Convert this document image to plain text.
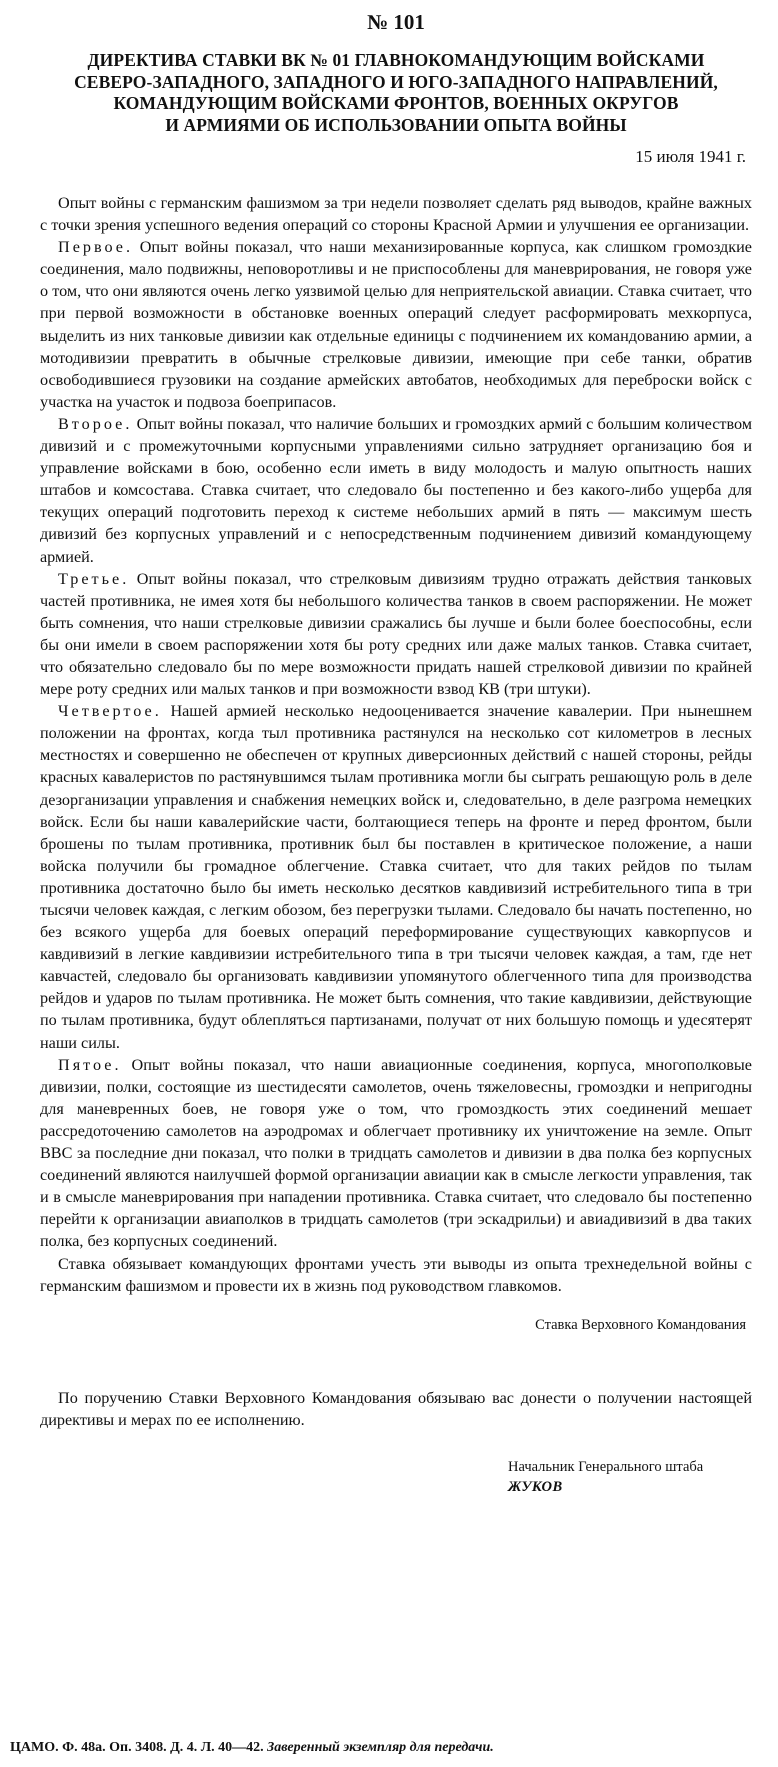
№ 101
ДИРЕКТИВА СТАВКИ ВК № 01 ГЛАВНОКОМАНДУЮЩИМ ВОЙСКАМИ
СЕВЕРО-ЗАПАДНОГО, ЗАПАДНОГО И ЮГО-ЗАПАДНОГО НАПРАВЛЕНИЙ,
КОМАНДУЮЩИМ ВОЙСКАМИ ФРОНТОВ, ВОЕННЫХ ОКРУГОВ
И АРМИЯМИ ОБ ИСПОЛЬЗОВАНИИ ОПЫТА ВОЙНЫ
15 июля 1941 г.

Опыт войны с германским фашизмом за три недели позволяет сделать ряд выводов, крайне важных с точки зрения успешного ведения операций со стороны Красной Армии и улучшения ее организации.

Первое. Опыт войны показал, что наши механизированные корпуса, как слишком громоздкие соединения, мало подвижны, неповоротливы и не приспособлены для маневрирования, не говоря уже о том, что они являются очень легко уязвимой целью для неприятельской авиации. Ставка считает, что при первой возможности в обстановке военных операций следует расформировать мехкорпуса, выделить из них танковые дивизии как отдельные единицы с подчинением их командованию армии, а мотодивизии превратить в обычные стрелковые дивизии, имеющие при себе танки, обратив освободившиеся грузовики на создание армейских автобатов, необходимых для переброски войск с участка на участок и подвоза боеприпасов.

Второе. Опыт войны показал, что наличие больших и громоздких армий с большим количеством дивизий и с промежуточными корпусными управлениями сильно затрудняет организацию боя и управление войсками в бою, особенно если иметь в виду молодость и малую опытность наших штабов и комсостава. Ставка считает, что следовало бы постепенно и без какого-либо ущерба для текущих операций подготовить переход к системе небольших армий в пять — максимум шесть дивизий без корпусных управлений и с непосредственным подчинением дивизий командующему армией.

Третье. Опыт войны показал, что стрелковым дивизиям трудно отражать действия танковых частей противника, не имея хотя бы небольшого количества танков в своем распоряжении. Не может быть сомнения, что наши стрелковые дивизии сражались бы лучше и были более боеспособны, если бы они имели в своем распоряжении хотя бы роту средних или даже малых танков. Ставка считает, что обязательно следовало бы по мере возможности придать нашей стрелковой дивизии по крайней мере роту средних или малых танков и при возможности взвод КВ (три штуки).

Четвертое. Нашей армией несколько недооценивается значение кавалерии. При нынешнем положении на фронтах, когда тыл противника растянулся на несколько сот километров в лесных местностях и совершенно не обеспечен от крупных диверсионных действий с нашей стороны, рейды красных кавалеристов по растянувшимся тылам противника могли бы сыграть решающую роль в деле дезорганизации управления и снабжения немецких войск и, следовательно, в деле разгрома немецких войск. Если бы наши кавалерийские части, болтающиеся теперь на фронте и перед фронтом, были брошены по тылам противника, противник был бы поставлен в критическое положение, а наши войска получили бы громадное облегчение. Ставка считает, что для таких рейдов по тылам противника достаточно было бы иметь несколько десятков кавдивизий истребительного типа в три тысячи человек каждая, с легким обозом, без перегрузки тылами. Следовало бы начать постепенно, но без всякого ущерба для боевых операций переформирование существующих кавкорпусов и кавдивизий в легкие кавдивизии истребительного типа в три тысячи человек каждая, а там, где нет кавчастей, следовало бы организовать кавдивизии упомянутого облегченного типа для производства рейдов и ударов по тылам противника. Не может быть сомнения, что такие кавдивизии, действующие по тылам противника, будут облепляться партизанами, получат от них большую помощь и удесятерят наши силы.

Пятое. Опыт войны показал, что наши авиационные соединения, корпуса, многополковые дивизии, полки, состоящие из шестидесяти самолетов, очень тяжеловесны, громоздки и непригодны для маневренных боев, не говоря уже о том, что громоздкость этих соединений мешает рассредоточению самолетов на аэродромах и облегчает противнику их уничтожение на земле. Опыт ВВС за последние дни показал, что полки в тридцать самолетов и дивизии в два полка без корпусных соединений являются наилучшей формой организации авиации как в смысле легкости управления, так и в смысле маневрирования при нападении противника. Ставка считает, что следовало бы постепенно перейти к организации авиаполков в тридцать самолетов (три эскадрильи) и авиадивизий в два таких полка, без корпусных соединений.

Ставка обязывает командующих фронтами учесть эти выводы из опыта трехнедельной войны с германским фашизмом и провести их в жизнь под руководством главкомов.

Ставка Верховного Командования

По поручению Ставки Верховного Командования обязываю вас донести о получении настоящей директивы и мерах по ее исполнению.

Начальник Генерального штаба
ЖУКОВ
ЦАМО. Ф. 48а. Оп. 3408. Д. 4. Л. 40—42. Заверенный экземпляр для передачи.
